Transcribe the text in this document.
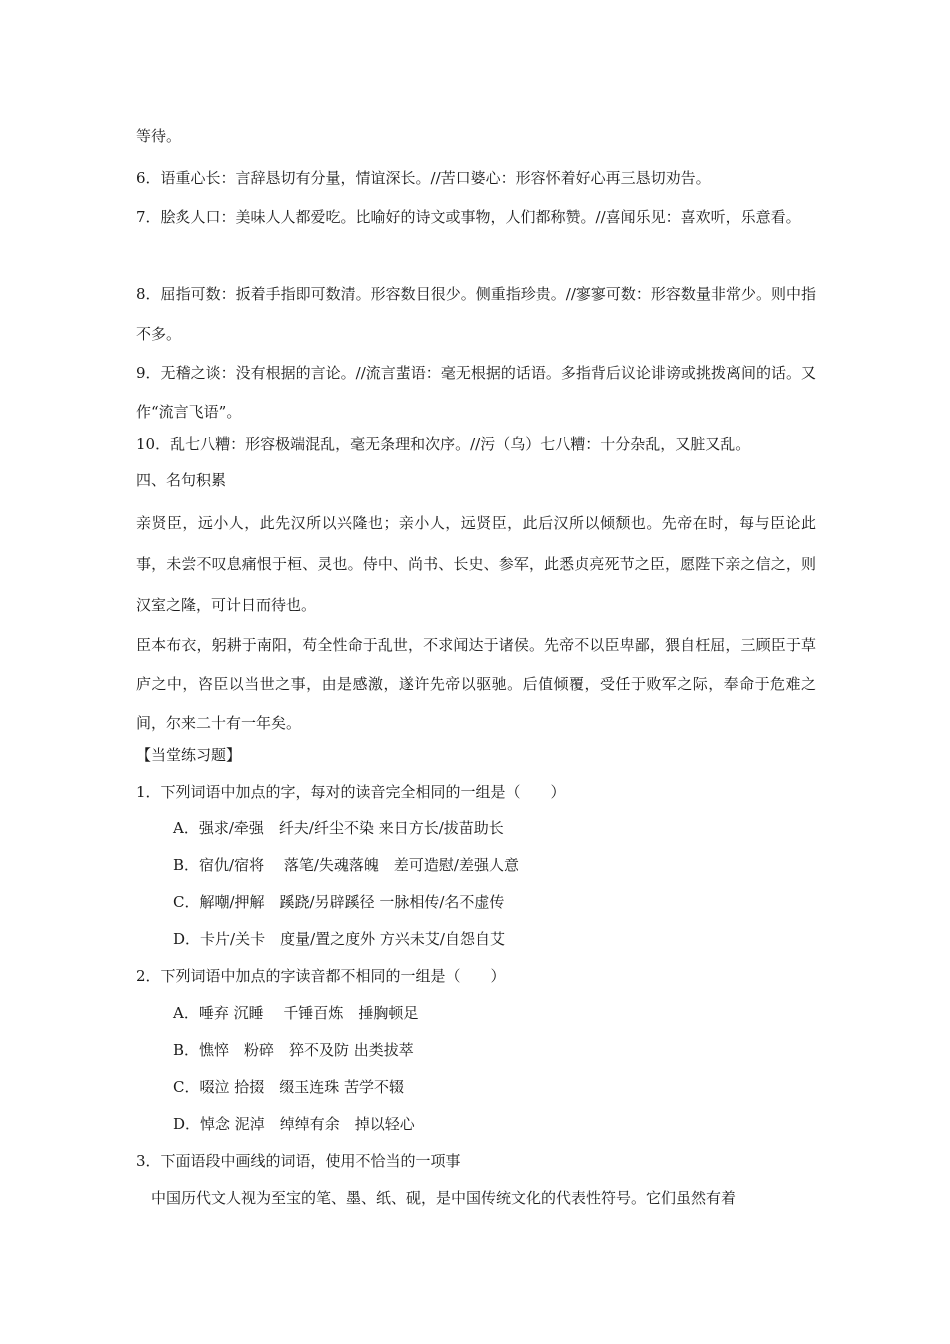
等待。
6．语重心长：言辞恳切有分量，情谊深长。//苦口婆心：形容怀着好心再三恳切劝告。
7．脍炙人口：美味人人都爱吃。比喻好的诗文或事物，人们都称赞。//喜闻乐见：喜欢听，乐意看。
8．屈指可数：扳着手指即可数清。形容数目很少。侧重指珍贵。//寥寥可数：形容数量非常少。则中指不多。
9．无稽之谈：没有根据的言论。//流言蜚语：毫无根据的话语。多指背后议论诽谤或挑拨离间的话。又作“流言飞语”。
10．乱七八糟：形容极端混乱，毫无条理和次序。//污（乌）七八糟：十分杂乱，又脏又乱。
四、名句积累
亲贤臣，远小人，此先汉所以兴隆也；亲小人，远贤臣，此后汉所以倾颓也。先帝在时，每与臣论此事，未尝不叹息痛恨于桓、灵也。侍中、尚书、长史、参军，此悉贞亮死节之臣，愿陛下亲之信之，则汉室之隆，可计日而待也。
臣本布衣，躬耕于南阳，苟全性命于乱世，不求闻达于诸侯。先帝不以臣卑鄙，猥自枉屈，三顾臣于草庐之中，咨臣以当世之事，由是感激，遂许先帝以驱驰。后值倾覆，受任于败军之际，奉命于危难之间，尔来二十有一年矣。
【当堂练习题】
1．下列词语中加点的字，每对的读音完全相同的一组是（　　）
A．强求/牵强　纤夫/纤尘不染 来日方长/拔苗助长
B．宿仇/宿将　 落笔/失魂落魄　差可造慰/差强人意
C．解嘲/押解　蹊跷/另辟蹊径 一脉相传/名不虚传
D．卡片/关卡　度量/置之度外 方兴未艾/自怨自艾
2．下列词语中加点的字读音都不相同的一组是（　　）
A．唾弃 沉睡　 千锤百炼　捶胸顿足
B．憔悴　粉碎　猝不及防 出类拔萃
C．啜泣 拾掇　缀玉连珠 苦学不辍
D．悼念 泥淖　绰绰有余　掉以轻心
3．下面语段中画线的词语，使用不恰当的一项事
中国历代文人视为至宝的笔、墨、纸、砚，是中国传统文化的代表性符号。它们虽然有着
